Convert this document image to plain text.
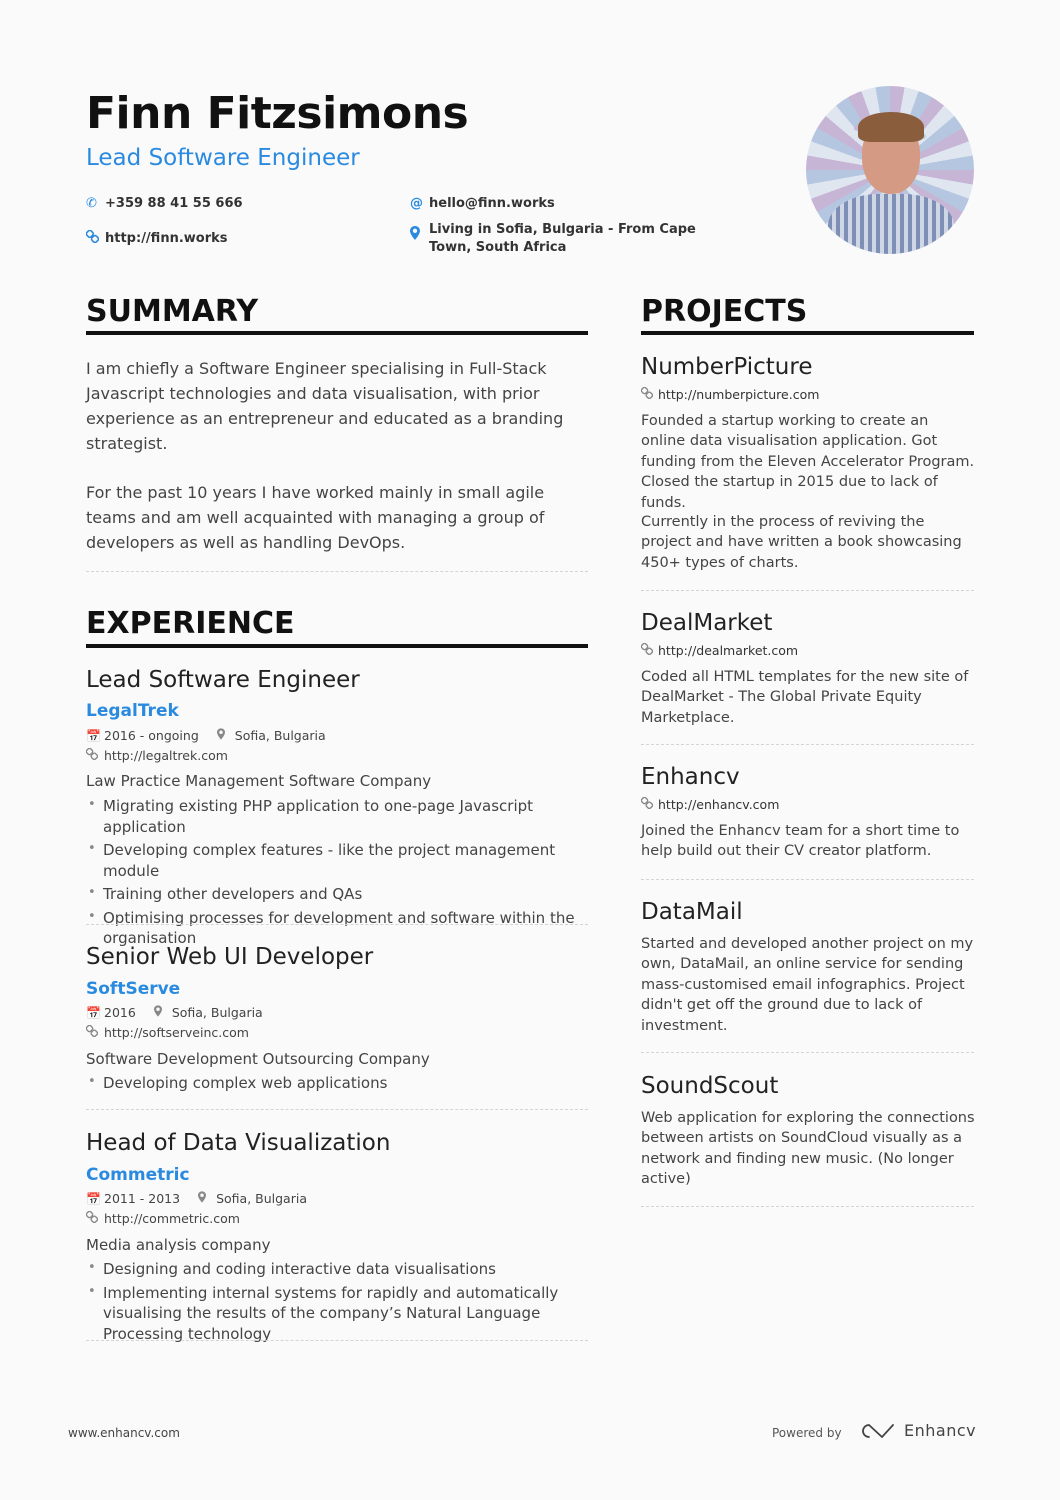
Finn Fitzsimons
Lead Software Engineer
✆ +359 88 41 55 666
http://finn.works
@ hello@finn.works
Living in Sofia, Bulgaria - From Cape Town, South Africa
SUMMARY
I am chiefly a Software Engineer specialising in Full-Stack Javascript technologies and data visualisation, with prior experience as an entrepreneur and educated as a branding strategist.
For the past 10 years I have worked mainly in small agile teams and am well acquainted with managing a group of developers as well as handling DevOps.
EXPERIENCE
Lead Software Engineer
LegalTrek
📅 2016 - ongoing	Sofia, Bulgaria
http://legaltrek.com
Law Practice Management Software Company
• Migrating existing PHP application to one-page Javascript application
• Developing complex features - like the project management module
• Training other developers and QAs
• Optimising processes for development and software within the organisation
Senior Web UI Developer
SoftServe
📅 2016	Sofia, Bulgaria
http://softserveinc.com
Software Development Outsourcing Company
• Developing complex web applications
Head of Data Visualization
Commetric
📅 2011 - 2013	Sofia, Bulgaria
http://commetric.com
Media analysis company
• Designing and coding interactive data visualisations
• Implementing internal systems for rapidly and automatically visualising the results of the company’s Natural Language Processing technology
PROJECTS
NumberPicture
http://numberpicture.com
Founded a startup working to create an online data visualisation application. Got funding from the Eleven Accelerator Program. Closed the startup in 2015 due to lack of funds.
Currently in the process of reviving the project and have written a book showcasing 450+ types of charts.
DealMarket
http://dealmarket.com
Coded all HTML templates for the new site of DealMarket - The Global Private Equity Marketplace.
Enhancv
http://enhancv.com
Joined the Enhancv team for a short time to help build out their CV creator platform.
DataMail
Started and developed another project on my own, DataMail, an online service for sending mass-customised email infographics. Project didn't get off the ground due to lack of investment.
SoundScout
Web application for exploring the connections between artists on SoundCloud visually as a network and finding new music. (No longer active)
www.enhancv.com	Powered by	Enhancv
